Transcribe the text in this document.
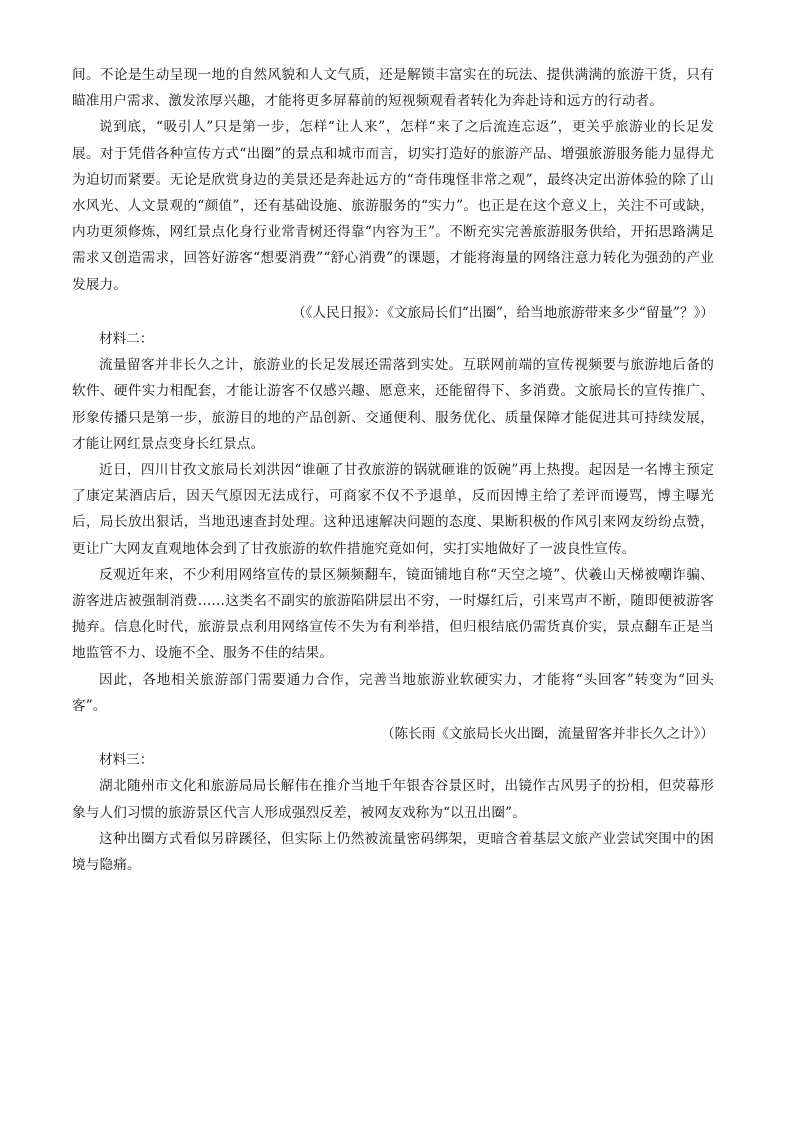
间。不论是生动呈现一地的自然风貌和人文气质，还是解锁丰富实在的玩法、提供满满的旅游干货，只有瞄准用户需求、激发浓厚兴趣，才能将更多屏幕前的短视频观看者转化为奔赴诗和远方的行动者。

说到底，“吸引人”只是第一步，怎样“让人来”，怎样“来了之后流连忘返”，更关乎旅游业的长足发展。对于凭借各种宣传方式“出圈”的景点和城市而言，切实打造好的旅游产品、增强旅游服务能力显得尤为迫切而紧要。无论是欣赏身边的美景还是奔赴远方的“奇伟瑰怪非常之观”，最终决定出游体验的除了山水风光、人文景观的“颜值”，还有基础设施、旅游服务的“实力”。也正是在这个意义上，关注不可或缺，内功更须修炼，网红景点化身行业常青树还得靠“内容为王”。不断充实完善旅游服务供给，开拓思路满足需求又创造需求，回答好游客“想要消费”“舒心消费”的课题，才能将海量的网络注意力转化为强劲的产业发展力。

（《人民日报》：《文旅局长们“出圈”，给当地旅游带来多少“留量”？》）

材料二：

流量留客并非长久之计，旅游业的长足发展还需落到实处。互联网前端的宣传视频要与旅游地后备的软件、硬件实力相配套，才能让游客不仅感兴趣、愿意来，还能留得下、多消费。文旅局长的宣传推广、形象传播只是第一步，旅游目的地的产品创新、交通便利、服务优化、质量保障才能促进其可持续发展，才能让网红景点变身长红景点。

近日，四川甘孜文旅局长刘洪因“谁砸了甘孜旅游的锅就砸谁的饭碗”再上热搜。起因是一名博主预定了康定某酒店后，因天气原因无法成行，可商家不仅不予退单，反而因博主给了差评而谩骂，博主曝光后，局长放出狠话，当地迅速查封处理。这种迅速解决问题的态度、果断积极的作风引来网友纷纷点赞，更让广大网友直观地体会到了甘孜旅游的软件措施究竟如何，实打实地做好了一波良性宣传。

反观近年来，不少利用网络宣传的景区频频翻车，镜面铺地自称“天空之境”、伏羲山天梯被嘲诈骗、游客进店被强制消费……这类名不副实的旅游陷阱层出不穷，一时爆红后，引来骂声不断，随即便被游客抛弃。信息化时代，旅游景点利用网络宣传不失为有利举措，但归根结底仍需货真价实，景点翻车正是当地监管不力、设施不全、服务不佳的结果。

因此，各地相关旅游部门需要通力合作，完善当地旅游业软硬实力，才能将“头回客”转变为“回头客”。

（陈长雨《文旅局长火出圈，流量留客并非长久之计》）

材料三：

湖北随州市文化和旅游局局长解伟在推介当地千年银杏谷景区时，出镜作古风男子的扮相，但荧幕形象与人们习惯的旅游景区代言人形成强烈反差，被网友戏称为“以丑出圈”。

这种出圈方式看似另辟蹊径，但实际上仍然被流量密码绑架，更暗含着基层文旅产业尝试突围中的困境与隐痛。
